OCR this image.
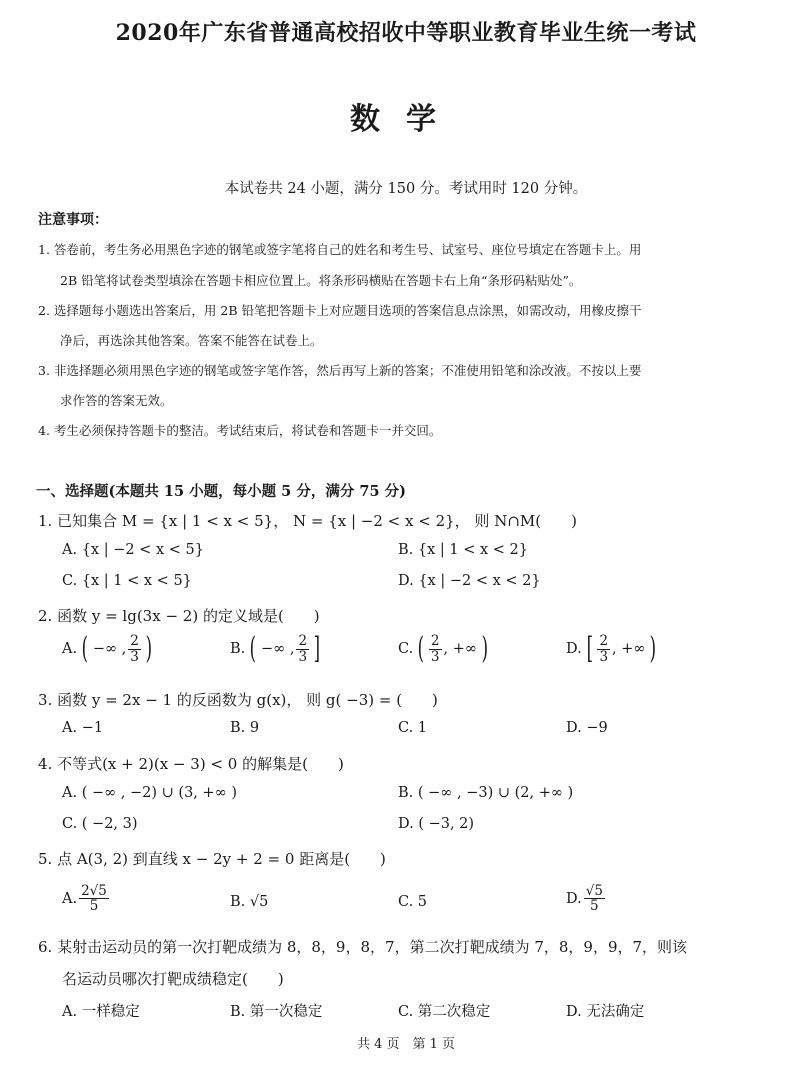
2020年广东省普通高校招收中等职业教育毕业生统一考试
数学
本试卷共 24 小题，满分 150 分。考试用时 120 分钟。
注意事项：
1. 答卷前，考生务必用黑色字迹的钢笔或签字笔将自己的姓名和考生号、试室号、座位号填定在答题卡上。用
2B 铅笔将试卷类型填涂在答题卡相应位置上。将条形码横贴在答题卡右上角“条形码粘贴处”。
2. 选择题每小题选出答案后，用 2B 铅笔把答题卡上对应题目选项的答案信息点涂黑，如需改动，用橡皮擦干
净后，再选涂其他答案。答案不能答在试卷上。
3. 非选择题必须用黑色字迹的钢笔或签字笔作答，然后再写上新的答案；不准使用铅笔和涂改液。不按以上要
求作答的答案无效。
4. 考生必须保持答题卡的整洁。考试结束后，将试卷和答题卡一并交回。
一、选择题(本题共 15 小题，每小题 5 分，满分 75 分)
1. 已知集合 M = {x | 1 < x < 5}， N = {x | −2 < x < 2}， 则 N∩M(　　)
A. {x | −2 < x < 5}	B. {x | 1 < x < 2}
C. {x | 1 < x < 5}	D. {x | −2 < x < 2}
2. 函数 y = lg(3x − 2) 的定义域是(　　)
A. ( −∞ , $\frac{2}{3}$ )	B. ( −∞ , $\frac{2}{3}$ ]	C. ( $\frac{2}{3}$ , +∞ )	D. [ $\frac{2}{3}$ , +∞ )
3. 函数 y = 2x − 1 的反函数为 g(x)， 则 g( −3) = (　　)
A. −1	B. 9	C. 1	D. −9
4. 不等式(x + 2)(x − 3) < 0 的解集是(　　)
A. ( −∞ , −2) ∪ (3, +∞ )	B. ( −∞ , −3) ∪ (2, +∞ )
C. ( −2, 3)	D. ( −3, 2)
5. 点 A(3, 2) 到直线 x − 2y + 2 = 0 距离是(　　)
A. $\frac{2√5}{5}$	B. √5	C. 5	D. $\frac{√5}{5}$
6. 某射击运动员的第一次打靶成绩为 8，8，9，8，7，第二次打靶成绩为 7，8，9，9，7，则该
名运动员哪次打靶成绩稳定(　　)
A. 一样稳定	B. 第一次稳定	C. 第二次稳定	D. 无法确定
共 4 页　第 1 页
